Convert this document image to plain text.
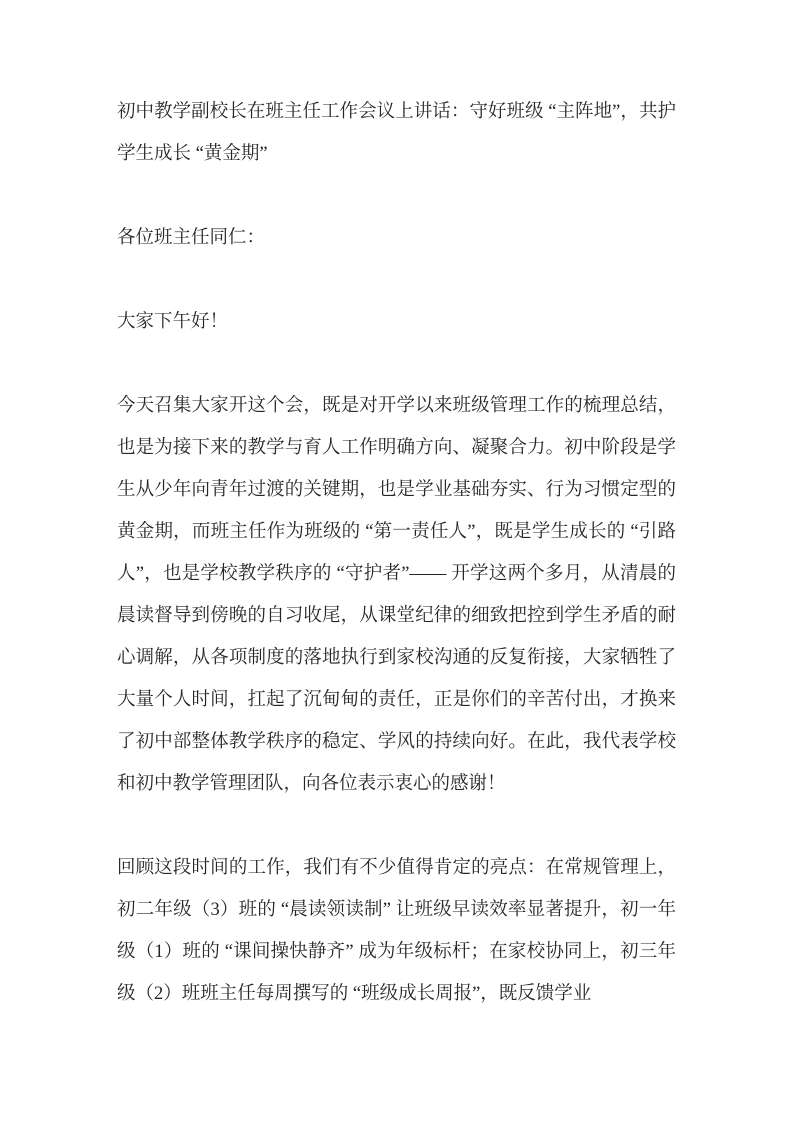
初中教学副校长在班主任工作会议上讲话：守好班级 “主阵地”，共护学生成长 “黄金期”

各位班主任同仁：

大家下午好！

今天召集大家开这个会，既是对开学以来班级管理工作的梳理总结，也是为接下来的教学与育人工作明确方向、凝聚合力。初中阶段是学生从少年向青年过渡的关键期，也是学业基础夯实、行为习惯定型的黄金期，而班主任作为班级的 “第一责任人”，既是学生成长的 “引路人”，也是学校教学秩序的 “守护者”—— 开学这两个多月，从清晨的晨读督导到傍晚的自习收尾，从课堂纪律的细致把控到学生矛盾的耐心调解，从各项制度的落地执行到家校沟通的反复衔接，大家牺牲了大量个人时间，扛起了沉甸甸的责任，正是你们的辛苦付出，才换来了初中部整体教学秩序的稳定、学风的持续向好。在此，我代表学校和初中教学管理团队，向各位表示衷心的感谢！

回顾这段时间的工作，我们有不少值得肯定的亮点：在常规管理上，初二年级（3）班的 “晨读领读制” 让班级早读效率显著提升，初一年级（1）班的 “课间操快静齐” 成为年级标杆；在家校协同上，初三年级（2）班班主任每周撰写的 “班级成长周报”，既反馈学业
